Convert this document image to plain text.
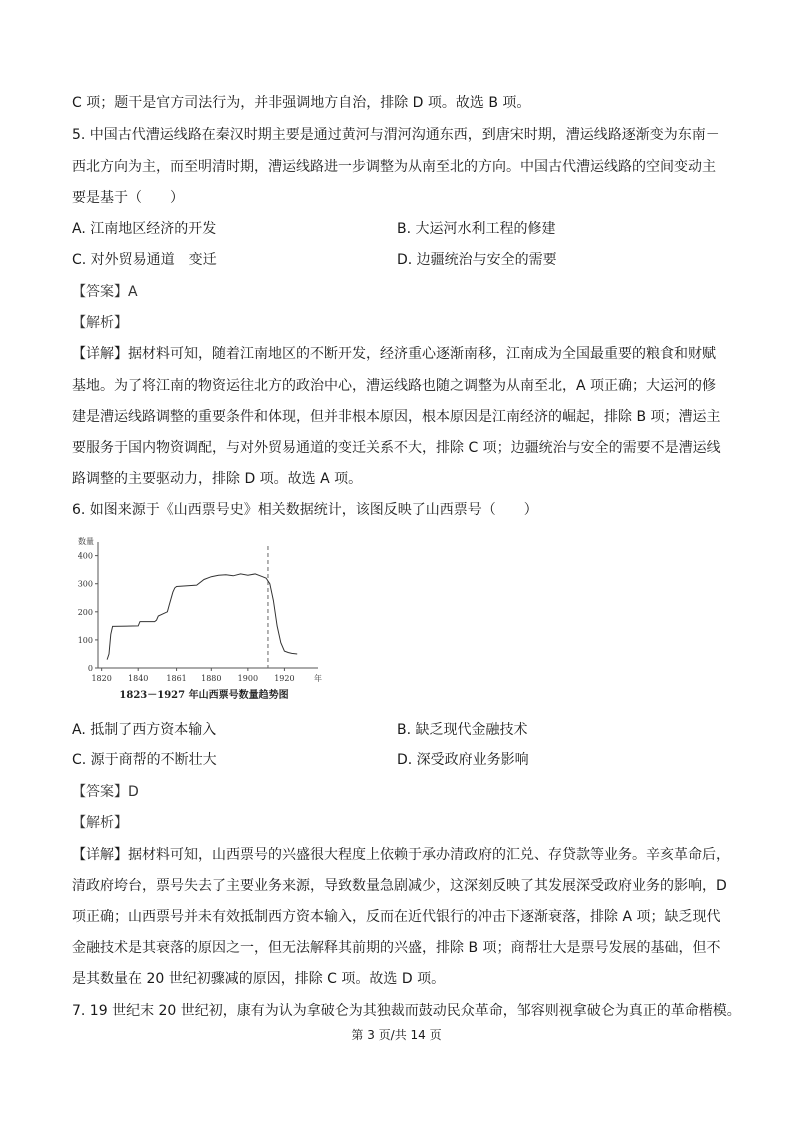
C 项；题干是官方司法行为，并非强调地方自治，排除 D 项。故选 B 项。
5. 中国古代漕运线路在秦汉时期主要是通过黄河与渭河沟通东西，到唐宋时期，漕运线路逐渐变为东南－
西北方向为主，而至明清时期，漕运线路进一步调整为从南至北的方向。中国古代漕运线路的空间变动主
要是基于（　　）
A. 江南地区经济的开发	B. 大运河水利工程的修建
C. 对外贸易通道　变迁	D. 边疆统治与安全的需要
【答案】A
【解析】
【详解】据材料可知，随着江南地区的不断开发，经济重心逐渐南移，江南成为全国最重要的粮食和财赋
基地。为了将江南的物资运往北方的政治中心，漕运线路也随之调整为从南至北，A 项正确；大运河的修
建是漕运线路调整的重要条件和体现，但并非根本原因，根本原因是江南经济的崛起，排除 B 项；漕运主
要服务于国内物资调配，与对外贸易通道的变迁关系不大，排除 C 项；边疆统治与安全的需要不是漕运线
路调整的主要驱动力，排除 D 项。故选 A 项。
6. 如图来源于《山西票号史》相关数据统计，该图反映了山西票号（　　）
0
100
200
300
400
1820 1840 1861 1880 1900 1920
数量
年
1823－1927 年山西票号数量趋势图
A. 抵制了西方资本输入	B. 缺乏现代金融技术
C. 源于商帮的不断壮大	D. 深受政府业务影响
【答案】D
【解析】
【详解】据材料可知，山西票号的兴盛很大程度上依赖于承办清政府的汇兑、存贷款等业务。辛亥革命后，
清政府垮台，票号失去了主要业务来源，导致数量急剧减少，这深刻反映了其发展深受政府业务的影响，D
项正确；山西票号并未有效抵制西方资本输入，反而在近代银行的冲击下逐渐衰落，排除 A 项；缺乏现代
金融技术是其衰落的原因之一，但无法解释其前期的兴盛，排除 B 项；商帮壮大是票号发展的基础，但不
是其数量在 20 世纪初骤减的原因，排除 C 项。故选 D 项。
7. 19 世纪末 20 世纪初，康有为认为拿破仑为其独裁而鼓动民众革命，邹容则视拿破仑为真正的革命楷模。
第 3 页/共 14 页
